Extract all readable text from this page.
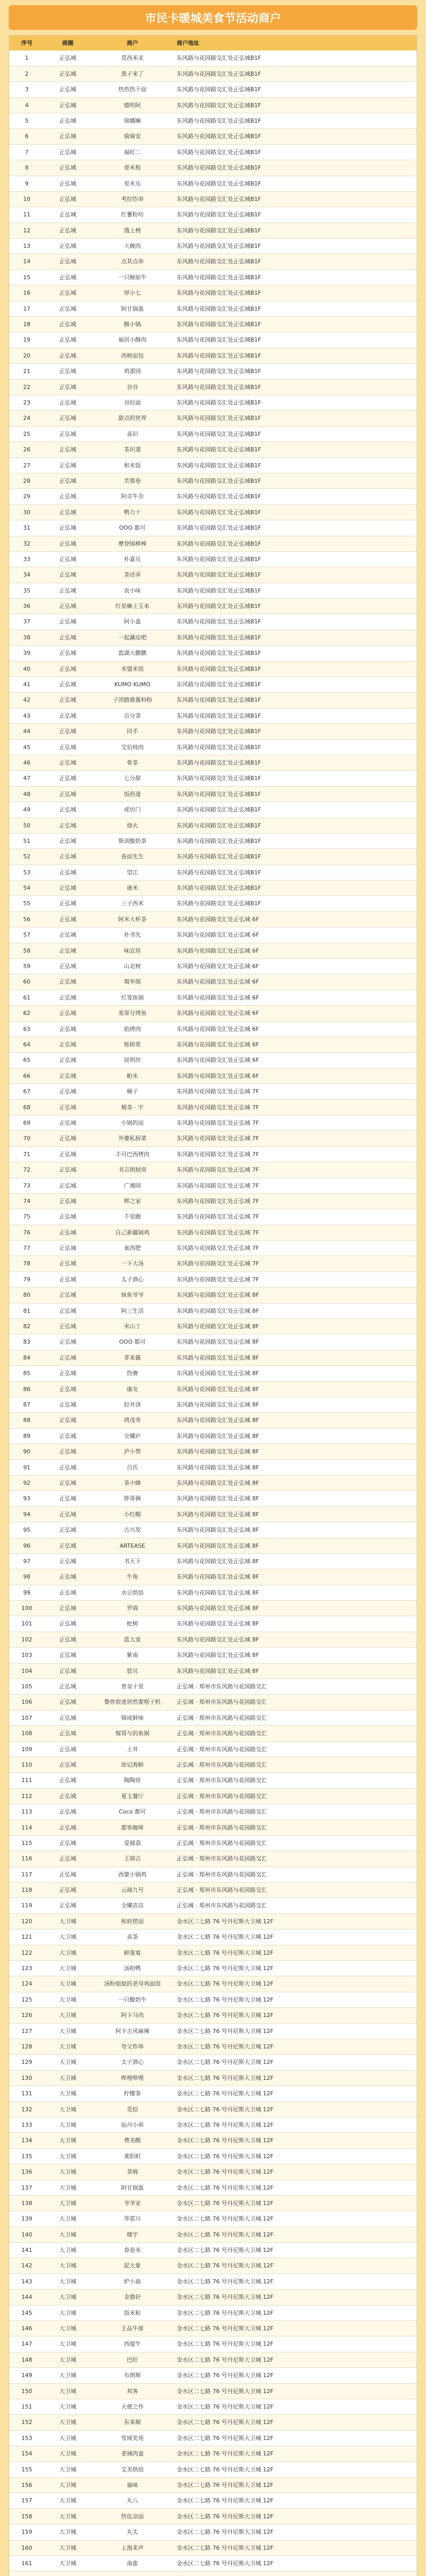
市民卡暖城美食节活动商户
序号	商圈	商户	商户地址
1	正弘城	莫西米亚	东风路与花园路交汇处正弘城B1F
2	正弘城	黑子来了	东风路与花园路交汇处正弘城B1F
3	正弘城	热热热干面	东风路与花园路交汇处正弘城B1F
4	正弘城	德明阿	东风路与花园路交汇处正弘城B1F
5	正弘城	锦娜嘛	东风路与花园路交汇处正弘城B1F
6	正弘城	骑骑安	东风路与花园路交汇处正弘城B1F
7	正弘城	福旺二	东风路与花园路交汇处正弘城B1F
8	正弘城	壹米程	东风路与花园路交汇处正弘城B1F
9	正弘城	星米乐	东风路与花园路交汇处正弘城B1F
10	正弘城	考拉炸串	东风路与花园路交汇处正弘城B1F
11	正弘城	红薯粉坊	东风路与花园路交汇处正弘城B1F
12	正弘城	饿上榜	东风路与花园路交汇处正弘城B1F
13	正弘城	大碗肉	东风路与花园路交汇处正弘城B1F
14	正弘城	点其点串	东风路与花园路交汇处正弘城B1F
15	正弘城	一只鲸如牛	东风路与花园路交汇处正弘城B1F
16	正弘城	厚小七	东风路与花园路交汇处正弘城B1F
17	正弘城	阿甘锅盔	东风路与花园路交汇处正弘城B1F
18	正弘城	酥小锅	东风路与花园路交汇处正弘城B1F
19	正弘城	福居小酥肉	东风路与花园路交汇处正弘城B1F
20	正弘城	西树面包	东风路与花园路交汇处正弘城B1F
21	正弘城	鸡蛋园	东风路与花园路交汇处正弘城B1F
22	正弘城	谷谷	东风路与花园路交汇处正弘城B1F
23	正弘城	谷拉面	东风路与花园路交汇处正弘城B1F
24	正弘城	甜点的世界	东风路与花园路交汇处正弘城B1F
25	正弘城	喜识	东风路与花园路交汇处正弘城B1F
26	正弘城	茶识道	东风路与花园路交汇处正弘城B1F
27	正弘城	和米饭	东风路与花园路交汇处正弘城B1F
28	正弘城	芙蓉卷	东风路与花园路交汇处正弘城B1F
29	正弘城	阿奇牛杂	东风路与花园路交汇处正弘城B1F
30	正弘城	鸭力十	东风路与花园路交汇处正弘城B1F
31	正弘城	OOO 都可	东风路与花园路交汇处正弘城B1F
32	正弘城	摩登锦棒棒	东风路与花园路交汇处正弘城B1F
33	正弘城	朴嘉贝	东风路与花园路交汇处正弘城B1F
34	正弘城	茶话弄	东风路与花园路交汇处正弘城B1F
35	正弘城	农小味	东风路与花园路交汇处正弘城B1F
36	正弘城	红星嘛上玉米	东风路与花园路交汇处正弘城B1F
37	正弘城	阿小盒	东风路与花园路交汇处正弘城B1F
38	正弘城	一起涮皮吧	东风路与花园路交汇处正弘城B1F
39	正弘城	蓝湖大鹏鹏	东风路与花园路交汇处正弘城B1F
40	正弘城	米盟米饭	东风路与花园路交汇处正弘城B1F
41	正弘城	KUMO KUMO	东风路与花园路交汇处正弘城B1F
42	正弘城	子团踏鼎酱料粉	东风路与花园路交汇处正弘城B1F
43	正弘城	百分茶	东风路与花园路交汇处正弘城B1F
44	正弘城	同手	东风路与花园路交汇处正弘城B1F
45	正弘城	艾伯炖肉	东风路与花园路交汇处正弘城B1F
46	正弘城	骨茶	东风路与花园路交汇处正弘城B1F
47	正弘城	七分甜	东风路与花园路交汇处正弘城B1F
48	正弘城	饭药道	东风路与花园路交汇处正弘城B1F
49	正弘城	虎坊门	东风路与花园路交汇处正弘城B1F
50	正弘城	烧火	东风路与花园路交汇处正弘城B1F
51	正弘城	斯训酸奶茶	东风路与花园路交汇处正弘城B1F
52	正弘城	卷面先生	东风路与花园路交汇处正弘城B1F
53	正弘城	望江	东风路与花园路交汇处正弘城B1F
54	正弘城	康米	东风路与花园路交汇处正弘城B1F
55	正弘城	三子西米	东风路与花园路交汇处正弘城B1F
56	正弘城	阿米大杯茶	东风路与花园路交汇处正弘城 6F
57	正弘城	朴书先	东风路与花园路交汇处正弘城 6F
58	正弘城	味宜居	东风路与花园路交汇处正弘城 6F
59	正弘城	山北树	东风路与花园路交汇处正弘城 6F
60	正弘城	蜀乡阁	东风路与花园路交汇处正弘城 6F
61	正弘城	灯笼鱼锅	东风路与花园路交汇处正弘城 6F
62	正弘城	麦哥写烤鱼	东风路与花园路交汇处正弘城 6F
63	正弘城	焰烤肉	东风路与花园路交汇处正弘城 6F
64	正弘城	栎榕堂	东风路与花园路交汇处正弘城 6F
65	正弘城	昆明坊	东风路与花园路交汇处正弘城 6F
66	正弘城	帕米	东风路与花园路交汇处正弘城 6F
67	正弘城	桶子	东风路与花园路交汇处正弘城 7F
68	正弘城	椿茶 · 宇	东风路与花园路交汇处正弘城 7F
69	正弘城	小锅的面	东风路与花园路交汇处正弘城 7F
70	正弘城	外婆私厨菜	东风路与花园路交汇处正弘城 7F
71	正弘城	丰可巴西烤肉	东风路与花园路交汇处正弘城 7F
72	正弘城	书吉朗厨房	东风路与花园路交汇处正弘城 7F
73	正弘城	广湘园	东风路与花园路交汇处正弘城 7F
74	正弘城	辉之家	东风路与花园路交汇处正弘城 7F
75	正弘城	千里跑	东风路与花园路交汇处正弘城 7F
76	正弘城	自己新疆锅鸡	东风路与花园路交汇处正弘城 7F
77	正弘城	巢西肥	东风路与花园路交汇处正弘城 7F
78	正弘城	一下大汤	东风路与花园路交汇处正弘城 7F
79	正弘城	太子酒心	东风路与花园路交汇处正弘城 7F
80	正弘城	妹鱼爷爷	东风路与花园路交汇处正弘城 8F
81	正弘城	阿三生活	东风路与花园路交汇处正弘城 8F
82	正弘城	米山丁	东风路与花园路交汇处正弘城 8F
83	正弘城	OOO 都可	东风路与花园路交汇处正弘城 8F
84	正弘城	菲来酱	东风路与花园路交汇处正弘城 8F
85	正弘城	热赛	东风路与花园路交汇处正弘城 8F
86	正弘城	康友	东风路与花园路交汇处正弘城 8F
87	正弘城	轻井泽	东风路与花园路交汇处正弘城 8F
88	正弘城	鸿茂寿	东风路与花园路交汇处正弘城 8F
89	正弘城	全耀庐	东风路与花园路交汇处正弘城 8F
90	正弘城	泸小帮	东风路与花园路交汇处正弘城 8F
91	正弘城	吕氏	东风路与花园路交汇处正弘城 8F
92	正弘城	茶小蜂	东风路与花园路交汇处正弘城 8F
93	正弘城	胖哥俩	东风路与花园路交汇处正弘城 8F
94	正弘城	小红帽	东风路与花园路交汇处正弘城 8F
95	正弘城	古兴发	东风路与花园路交汇处正弘城 8F
96	正弘城	ARTEASE	东风路与花园路交汇处正弘城 8F
97	正弘城	书天下	东风路与花园路交汇处正弘城 8F
98	正弘城	牛角	东风路与花园路交汇处正弘城 8F
99	正弘城	水豆烘焙	东风路与花园路交汇处正弘城 8F
100	正弘城	罗锦	东风路与花园路交汇处正弘城 8F
101	正弘城	蛇树	东风路与花园路交汇处正弘城 8F
102	正弘城	蓝大宽	东风路与花园路交汇处正弘城 8F
103	正弘城	紫南	东风路与花园路交汇处正弘城 8F
104	正弘城	悠贝	东风路与花园路交汇处正弘城 8F
105	正弘城	普皇十里	正弘城 · 郑州市东风路与花园路交汇
106	正弘城	黎你很迷居然要咯子机	正弘城 · 郑州市东风路与花园路交汇
107	正弘城	锦成鲜味	正弘城 · 郑州市东风路与花园路交汇
108	正弘城	惺哥与的鱼锅	正弘城 · 郑州市东风路与花园路交汇
109	正弘城	上井	正弘城 · 郑州市东风路与花园路交汇
110	正弘城	徐记海鲜	正弘城 · 郑州市东风路与花园路交汇
111	正弘城	陶陶居	正弘城 · 郑州市东风路与花园路交汇
112	正弘城	夏玉餐厅	正弘城 · 郑州市东风路与花园路交汇
113	正弘城	Coco 都可	正弘城 · 郑州市东风路与花园路交汇
114	正弘城	都客咖啡	正弘城 · 郑州市东风路与花园路交汇
115	正弘城	爱捕荔	正弘城 · 郑州市东风路与花园路交汇
116	正弘城	王锦吉	正弘城 · 郑州市东风路与花园路交汇
117	正弘城	西蒙小锅鸡	正弘城 · 郑州市东风路与花园路交汇
118	正弘城	云端九号	正弘城 · 郑州市东风路与花园路交汇
119	正弘城	全耀店店	正弘城 · 郑州市东风路与花园路交汇
120	大卫城	和府捞面	金水区二七路 76 号丹尼斯大卫城 12F
121	大卫城	喜茶	金水区二七路 76 号丹尼斯大卫城 12F
122	大卫城	鲜莲宴	金水区二七路 76 号丹尼斯大卫城 12F
123	大卫城	汤粉鸭	金水区二七路 76 号丹尼斯大卫城 12F
124	大卫城	汤粉姐姐的老母鸡面馆	金水区二七路 76 号丹尼斯大卫城 12F
125	大卫城	一只酸奶牛	金水区二七路 76 号丹尼斯大卫城 12F
126	大卫城	阿卡马肉	金水区二七路 76 号丹尼斯大卫城 12F
127	大卫城	阿卡古风麻辣	金水区二七路 76 号丹尼斯大卫城 12F
128	大卫城	夸父炸串	金水区二七路 76 号丹尼斯大卫城 12F
129	大卫城	太子酒心	金水区二七路 76 号丹尼斯大卫城 12F
130	大卫城	哔哩哔哩	金水区二七路 76 号丹尼斯大卫城 12F
131	大卫城	柠檬茶	金水区二七路 76 号丹尼斯大卫城 12F
132	大卫城	觅拾	金水区二七路 76 号丹尼斯大卫城 12F
133	大卫城	仙丹小串	金水区二七路 76 号丹尼斯大卫城 12F
134	大卫城	费美酸	金水区二七路 76 号丹尼斯大卫城 12F
135	大卫城	莱阳町	金水区二七路 76 号丹尼斯大卫城 12F
136	大卫城	茶姆	金水区二七路 76 号丹尼斯大卫城 12F
137	大卫城	阿甘锅盔	金水区二七路 76 号丹尼斯大卫城 12F
138	大卫城	爷爷家	金水区二七路 76 号丹尼斯大卫城 12F
139	大卫城	华雷川	金水区二七路 76 号丹尼斯大卫城 12F
140	大卫城	楼宇	金水区二七路 76 号丹尼斯大卫城 12F
141	大卫城	春卷米	金水区二七路 76 号丹尼斯大卫城 12F
142	大卫城	泥大象	金水区二七路 76 号丹尼斯大卫城 12F
143	大卫城	炉小扇	金水区二七路 76 号丹尼斯大卫城 12F
144	大卫城	金鼎轩	金水区二七路 76 号丹尼斯大卫城 12F
145	大卫城	饭米粒	金水区二七路 76 号丹尼斯大卫城 12F
146	大卫城	王品牛排	金水区二七路 76 号丹尼斯大卫城 12F
147	大卫城	西提牛	金水区二七路 76 号丹尼斯大卫城 12F
148	大卫城	巴旺	金水区二七路 76 号丹尼斯大卫城 12F
149	大卫城	布朗斯	金水区二七路 76 号丹尼斯大卫城 12F
150	大卫城	邦客	金水区二七路 76 号丹尼斯大卫城 12F
151	大卫城	天使之作	金水区二七路 76 号丹尼斯大卫城 12F
152	大卫城	东来顺	金水区二七路 76 号丹尼斯大卫城 12F
153	大卫城	雪域笑苑	金水区二七路 76 号丹尼斯大卫城 12F
154	大卫城	老城肉盒	金水区二七路 76 号丹尼斯大卫城 12F
155	大卫城	艾美烘焙	金水区二七路 76 号丹尼斯大卫城 12F
156	大卫城	福味	金水区二七路 76 号丹尼斯大卫城 12F
157	大卫城	丸八	金水区二七路 76 号丹尼斯大卫城 12F
158	大卫城	热伍凉面	金水区二七路 76 号丹尼斯大卫城 12F
159	大卫城	丸太	金水区二七路 76 号丹尼斯大卫城 12F
160	大卫城	上海来声	金水区二七路 76 号丹尼斯大卫城 12F
161	大卫城	南蛮	金水区二七路 76 号丹尼斯大卫城 12F
